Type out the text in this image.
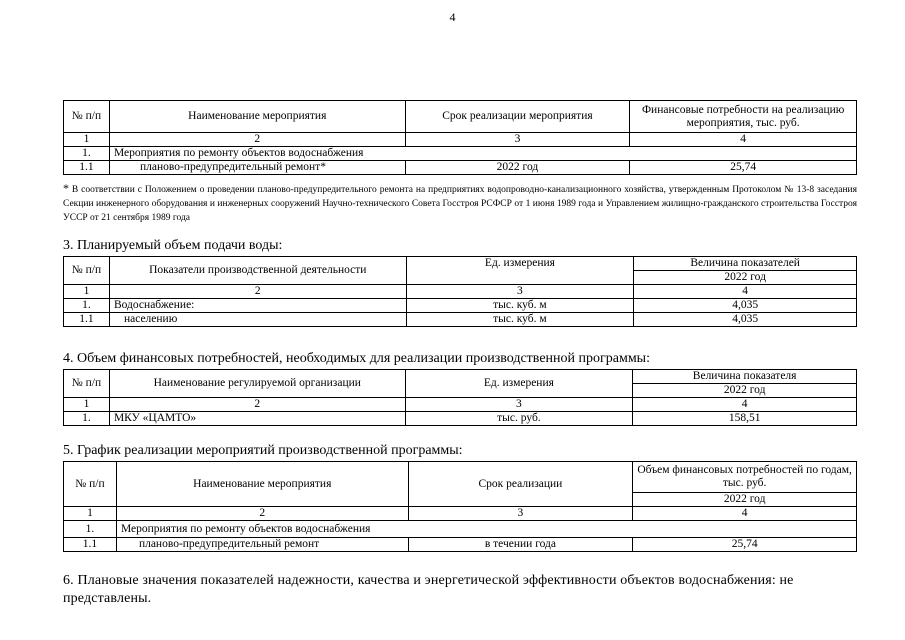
4
№ п/п	Наименование мероприятия	Срок реализации мероприятия	Финансовые потребности на реализацию мероприятия, тыс. руб.
1	2	3	4
1.	Мероприятия по ремонту объектов водоснабжения		
1.1	планово-предупредительный ремонт*	2022 год	25,74
* В соответствии с Положением о проведении планово-предупредительного ремонта на предприятиях водопроводно-канализационного хозяйства, утвержденным Протоколом № 13-8 заседания Секции инженерного оборудования и инженерных сооружений Научно-технического Совета Госстроя РСФСР от 1 июня 1989 года и Управлением жилищно-гражданского строительства Госстроя УССР от 21 сентября 1989 года
3. Планируемый объем подачи воды:
№ п/п	Показатели производственной деятельности	Ед. измерения	Величина показателей
			2022 год
1	2	3	4
1.	Водоснабжение:	тыс. куб. м	4,035
1.1	населению	тыс. куб. м	4,035
4. Объем финансовых потребностей, необходимых для реализации производственной программы:
№ п/п	Наименование регулируемой организации	Ед. измерения	Величина показателя
			2022 год
1	2	3	4
1.	МКУ «ЦАМТО»	тыс. руб.	158,51
5. График реализации мероприятий производственной программы:
№ п/п	Наименование мероприятия	Срок реализации	Объем финансовых потребностей по годам, тыс. руб.
			2022 год
1	2	3	4
1.	Мероприятия по ремонту объектов водоснабжения		
1.1	планово-предупредительный ремонт	в течении года	25,74
6. Плановые значения показателей надежности, качества и энергетической эффективности объектов водоснабжения: не представлены.
